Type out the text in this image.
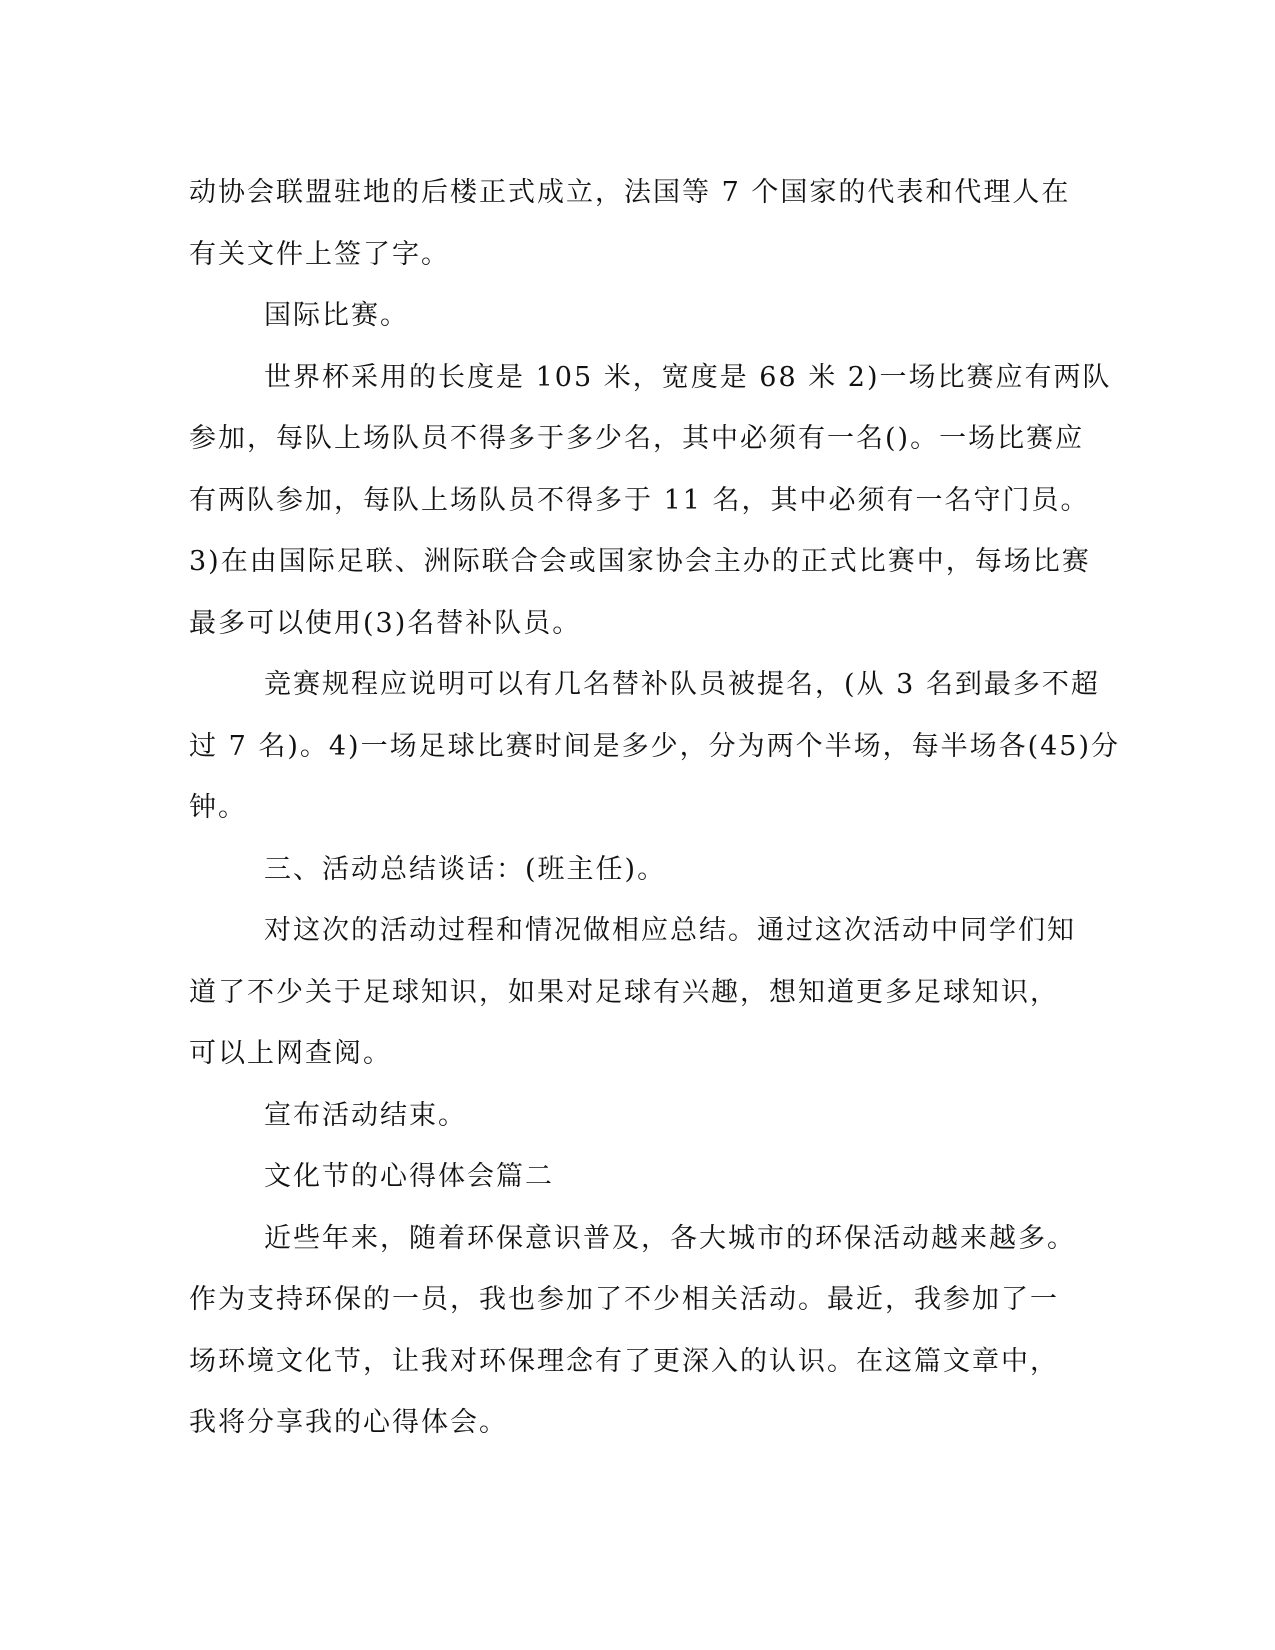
动协会联盟驻地的后楼正式成立，法国等 7 个国家的代表和代理人在
有关文件上签了字。
国际比赛。
世界杯采用的长度是 105 米，宽度是 68 米 2)一场比赛应有两队
参加，每队上场队员不得多于多少名，其中必须有一名()。一场比赛应
有两队参加，每队上场队员不得多于 11 名，其中必须有一名守门员。
3)在由国际足联、洲际联合会或国家协会主办的正式比赛中，每场比赛
最多可以使用(3)名替补队员。
竞赛规程应说明可以有几名替补队员被提名，(从 3 名到最多不超
过 7 名)。4)一场足球比赛时间是多少，分为两个半场，每半场各(45)分
钟。
三、活动总结谈话：(班主任)。
对这次的活动过程和情况做相应总结。通过这次活动中同学们知
道了不少关于足球知识，如果对足球有兴趣，想知道更多足球知识，
可以上网查阅。
宣布活动结束。
文化节的心得体会篇二
近些年来，随着环保意识普及，各大城市的环保活动越来越多。
作为支持环保的一员，我也参加了不少相关活动。最近，我参加了一
场环境文化节，让我对环保理念有了更深入的认识。在这篇文章中，
我将分享我的心得体会。
